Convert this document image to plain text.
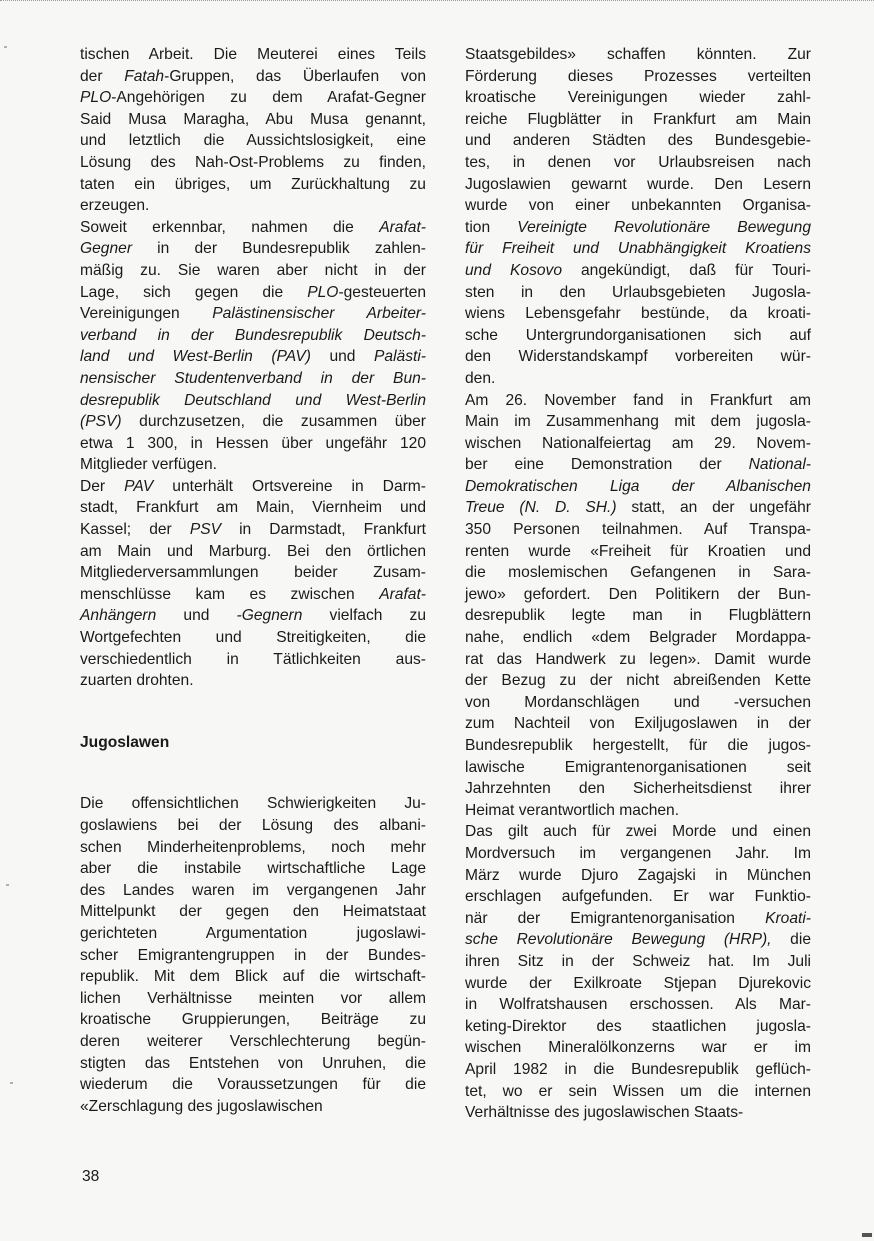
tischen Arbeit. Die Meuterei eines Teils
der Fatah-Gruppen, das Überlaufen von
PLO-Angehörigen zu dem Arafat-Gegner
Said Musa Maragha, Abu Musa genannt,
und letztlich die Aussichtslosigkeit, eine
Lösung des Nah-Ost-Problems zu finden,
taten ein übriges, um Zurückhaltung zu
erzeugen.
Soweit erkennbar, nahmen die Arafat-
Gegner in der Bundesrepublik zahlen-
mäßig zu. Sie waren aber nicht in der
Lage, sich gegen die PLO-gesteuerten
Vereinigungen Palästinensischer Arbeiter-
verband in der Bundesrepublik Deutsch-
land und West-Berlin (PAV) und Palästi-
nensischer Studentenverband in der Bun-
desrepublik Deutschland und West-Berlin
(PSV) durchzusetzen, die zusammen über
etwa 1 300, in Hessen über ungefähr 120
Mitglieder verfügen.
Der PAV unterhält Ortsvereine in Darm-
stadt, Frankfurt am Main, Viernheim und
Kassel; der PSV in Darmstadt, Frankfurt
am Main und Marburg. Bei den örtlichen
Mitgliederversammlungen beider Zusam-
menschlüsse kam es zwischen Arafat-
Anhängern und -Gegnern vielfach zu
Wortgefechten und Streitigkeiten, die
verschiedentlich in Tätlichkeiten aus-
zuarten drohten.
Jugoslawen
Die offensichtlichen Schwierigkeiten Ju-
goslawiens bei der Lösung des albani-
schen Minderheitenproblems, noch mehr
aber die instabile wirtschaftliche Lage
des Landes waren im vergangenen Jahr
Mittelpunkt der gegen den Heimatstaat
gerichteten Argumentation jugoslawi-
scher Emigrantengruppen in der Bundes-
republik. Mit dem Blick auf die wirtschaft-
lichen Verhältnisse meinten vor allem
kroatische Gruppierungen, Beiträge zu
deren weiterer Verschlechterung begün-
stigten das Entstehen von Unruhen, die
wiederum die Voraussetzungen für die
«Zerschlagung des jugoslawischen
Staatsgebildes» schaffen könnten. Zur
Förderung dieses Prozesses verteilten
kroatische Vereinigungen wieder zahl-
reiche Flugblätter in Frankfurt am Main
und anderen Städten des Bundesgebie-
tes, in denen vor Urlaubsreisen nach
Jugoslawien gewarnt wurde. Den Lesern
wurde von einer unbekannten Organisa-
tion Vereinigte Revolutionäre Bewegung
für Freiheit und Unabhängigkeit Kroatiens
und Kosovo angekündigt, daß für Touri-
sten in den Urlaubsgebieten Jugosla-
wiens Lebensgefahr bestünde, da kroati-
sche Untergrundorganisationen sich auf
den Widerstandskampf vorbereiten wür-
den.
Am 26. November fand in Frankfurt am
Main im Zusammenhang mit dem jugosla-
wischen Nationalfeiertag am 29. Novem-
ber eine Demonstration der National-
Demokratischen Liga der Albanischen
Treue (N. D. SH.) statt, an der ungefähr
350 Personen teilnahmen. Auf Transpa-
renten wurde «Freiheit für Kroatien und
die moslemischen Gefangenen in Sara-
jewo» gefordert. Den Politikern der Bun-
desrepublik legte man in Flugblättern
nahe, endlich «dem Belgrader Mordappa-
rat das Handwerk zu legen». Damit wurde
der Bezug zu der nicht abreißenden Kette
von Mordanschlägen und -versuchen
zum Nachteil von Exiljugoslawen in der
Bundesrepublik hergestellt, für die jugos-
lawische Emigrantenorganisationen seit
Jahrzehnten den Sicherheitsdienst ihrer
Heimat verantwortlich machen.
Das gilt auch für zwei Morde und einen
Mordversuch im vergangenen Jahr. Im
März wurde Djuro Zagajski in München
erschlagen aufgefunden. Er war Funktio-
när der Emigrantenorganisation Kroati-
sche Revolutionäre Bewegung (HRP), die
ihren Sitz in der Schweiz hat. Im Juli
wurde der Exilkroate Stjepan Djurekovic
in Wolfratshausen erschossen. Als Mar-
keting-Direktor des staatlichen jugosla-
wischen Mineralölkonzerns war er im
April 1982 in die Bundesrepublik geflüch-
tet, wo er sein Wissen um die internen
Verhältnisse des jugoslawischen Staats-
38
